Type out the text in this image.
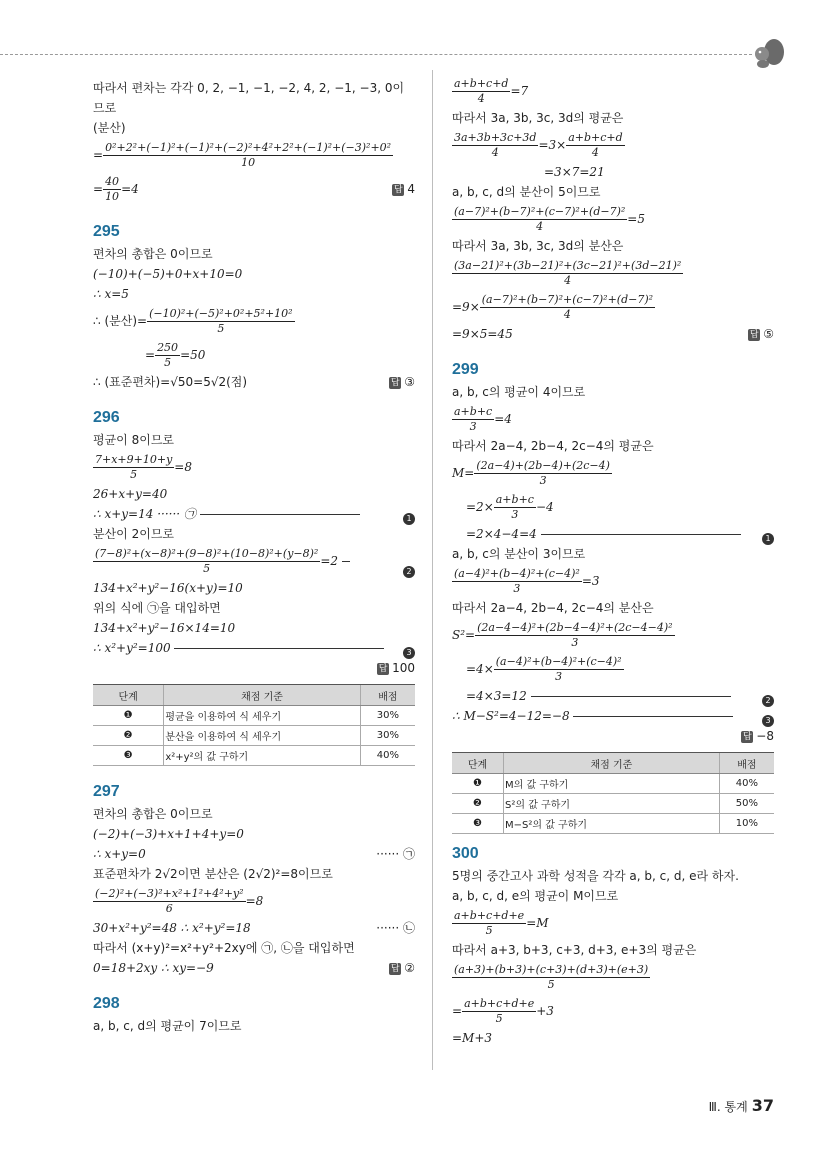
따라서 편차는 각각 0, 2, −1, −1, −2, 4, 2, −1, −3, 0이
므로
(분산)
= $\frac{\text{0²+2²+(−1)²+(−1)²+(−2)²+4²+2²+(−1)²+(−3)²+0²}}{10}$
= $\frac{40}{10} =4$	답 4
295
편차의 총합은 0이므로
(−10)+(−5)+0+x+10=0
∴ x=5
∴ (분산)= $\frac{\text{(−10)²+(−5)²+0²+5²+10²}}{5}$
= $\frac{250}{5} =50$
∴ (표준편차)=√50=5√2(점)	답 ③
296
평균이 8이므로
$\frac{7+x+9+10+y}{5} =8$
26+x+y=40
∴ x+y=14 ······ ㉠	1
분산이 2이므로
$\frac{\text{(7−8)²+(x−8)²+(9−8)²+(10−8)²+(y−8)²}}{5} =2$
2
134+x²+y²−16(x+y)=10
위의 식에 ㉠을 대입하면
134+x²+y²−16×14=10
∴ x²+y²=100	3
답 100
단계	채점 기준	배점
❶	평균을 이용하여 식 세우기	30%
❷	분산을 이용하여 식 세우기	30%
❸	x²+y²의 값 구하기	40%
297
편차의 총합은 0이므로
(−2)+(−3)+x+1+4+y=0
∴ x+y=0	······ ㉠
표준편차가 2√2이면 분산은 (2√2)²=8이므로
$\frac{\text{(−2)²+(−3)²+x²+1²+4²+y²}}{6} =8$
30+x²+y²=48 ∴ x²+y²=18	······ ㉡
따라서 (x+y)²=x²+y²+2xy에 ㉠, ㉡을 대입하면
0=18+2xy ∴ xy=−9	답 ②
298
a, b, c, d의 평균이 7이므로
$\frac{a+b+c+d}{4} =7$
따라서 3a, 3b, 3c, 3d의 평균은
$\frac{3a+3b+3c+3d}{4} =3\times \frac{a+b+c+d}{4}$
=3×7=21
a, b, c, d의 분산이 5이므로
$\frac{\text{(a−7)²+(b−7)²+(c−7)²+(d−7)²}}{4} =5$
따라서 3a, 3b, 3c, 3d의 분산은
$\frac{\text{(3a−21)²+(3b−21)²+(3c−21)²+(3d−21)²}}{4}$
$=9\times \frac{\text{(a−7)²+(b−7)²+(c−7)²+(d−7)²}}{4}$
=9×5=45	답 ⑤
299
a, b, c의 평균이 4이므로
$\frac{a+b+c}{3} =4$
따라서 2a−4, 2b−4, 2c−4의 평균은
$M= \frac{(2a-4)+(2b-4)+(2c-4)}{3}$
$=2\times \frac{a+b+c}{3} -4$
=2×4−4=4	1
a, b, c의 분산이 3이므로
$\frac{\text{(a−4)²+(b−4)²+(c−4)²}}{3} =3$
따라서 2a−4, 2b−4, 2c−4의 분산은
$S^2= \frac{\text{(2a−4−4)²+(2b−4−4)²+(2c−4−4)²}}{3}$
$=4\times \frac{\text{(a−4)²+(b−4)²+(c−4)²}}{3}$
=4×3=12	2
∴ M−S²=4−12=−8	3
답 −8
단계	채점 기준	배점
❶	M의 값 구하기	40%
❷	S²의 값 구하기	50%
❸	M−S²의 값 구하기	10%
300
5명의 중간고사 과학 성적을 각각 a, b, c, d, e라 하자.
a, b, c, d, e의 평균이 M이므로
$\frac{a+b+c+d+e}{5} =M$
따라서 a+3, b+3, c+3, d+3, e+3의 평균은
$\frac{(a+3)+(b+3)+(c+3)+(d+3)+(e+3)}{5}$
= $\frac{a+b+c+d+e}{5} +3$
=M+3
Ⅲ. 통계 37
